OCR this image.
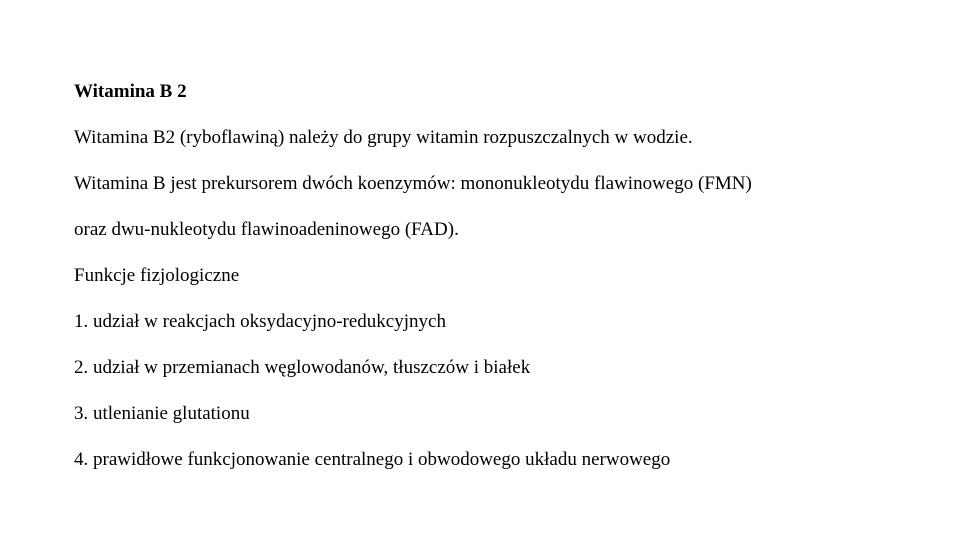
Witamina B 2
Witamina B2 (ryboflawiną) należy do grupy witamin rozpuszczalnych w wodzie.
Witamina B jest prekursorem dwóch koenzymów: mononukleotydu flawinowego (FMN)
oraz dwu-nukleotydu flawinoadeninowego (FAD).
Funkcje fizjologiczne
1. udział w reakcjach oksydacyjno-redukcyjnych
2. udział w przemianach węglowodanów, tłuszczów i białek
3. utlenianie glutationu
4. prawidłowe funkcjonowanie centralnego i obwodowego układu nerwowego
